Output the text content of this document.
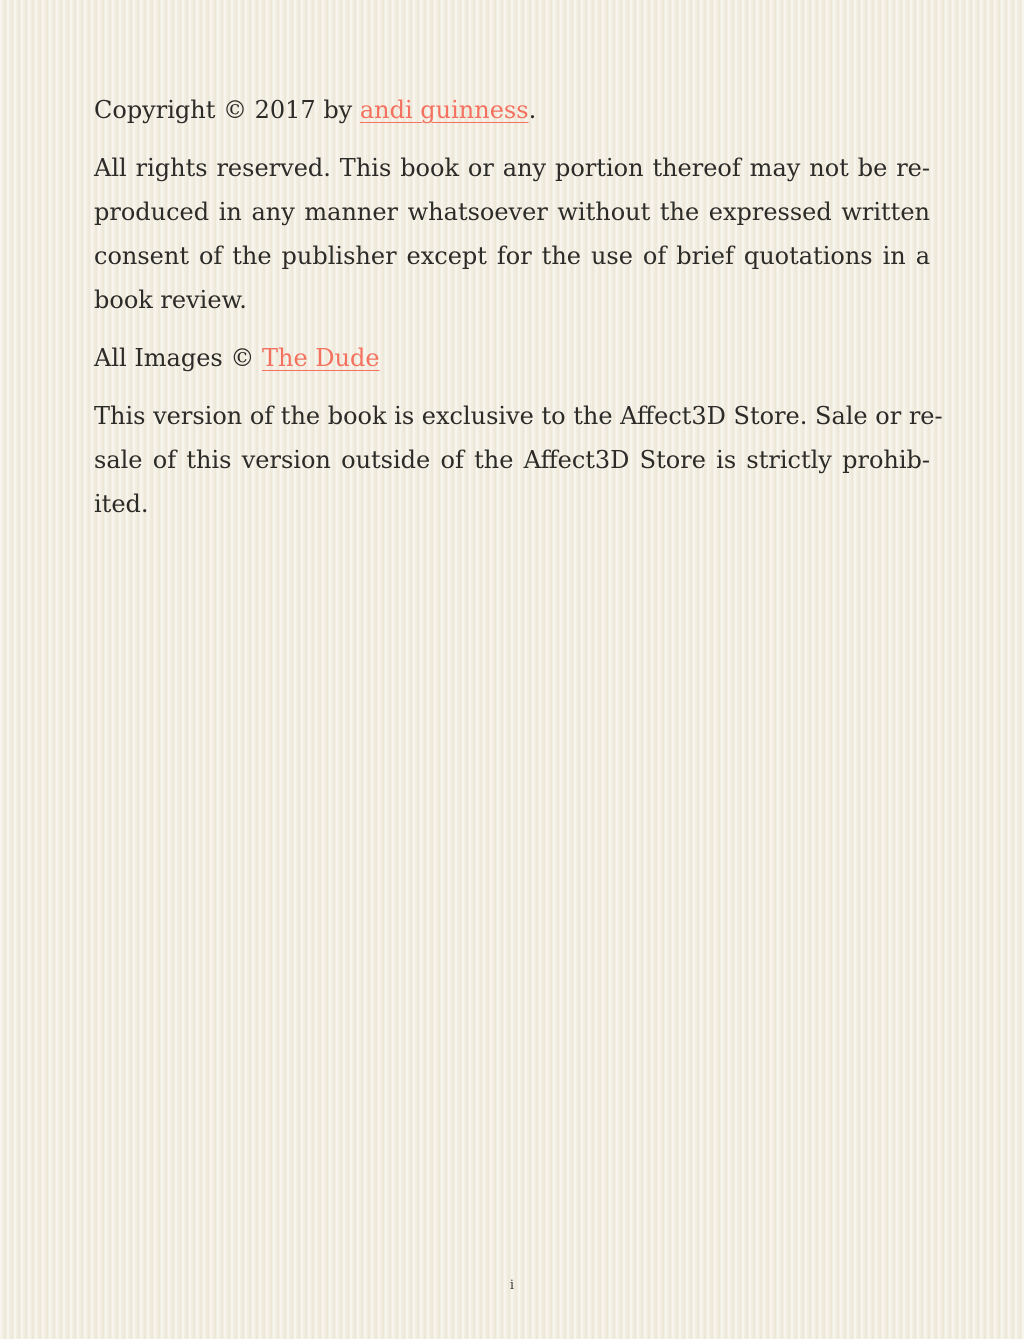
Copyright © 2017 by andi guinness.

All rights reserved. This book or any portion thereof may not be re-
produced in any manner whatsoever without the expressed written
consent of the publisher except for the use of brief quotations in a
book review.

All Images © The Dude

This version of the book is exclusive to the Affect3D Store. Sale or re-
sale of this version outside of the Affect3D Store is strictly prohib-
ited.
i
